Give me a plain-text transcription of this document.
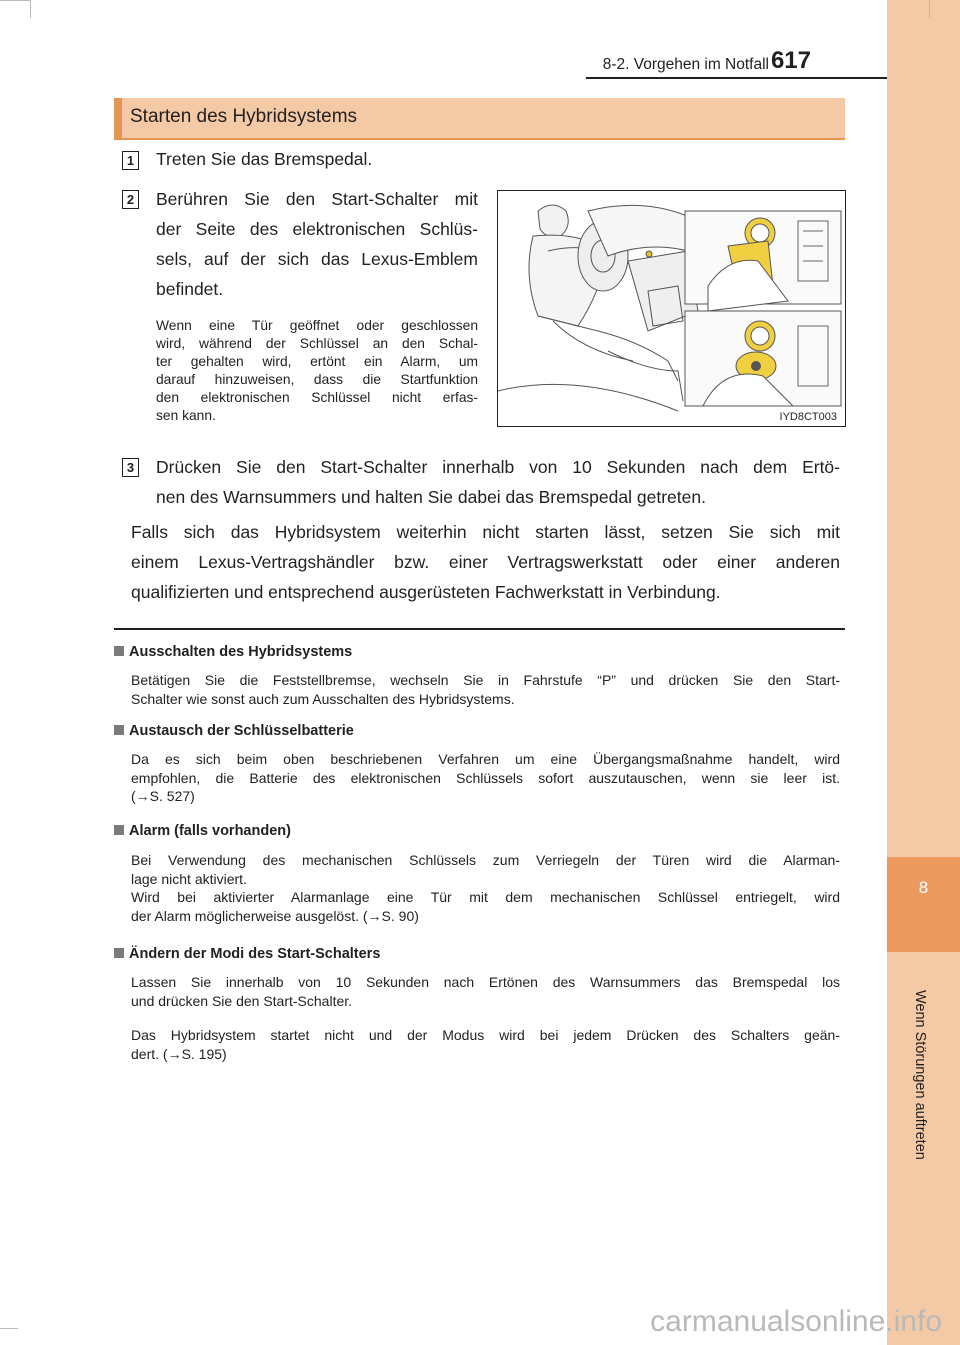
8
Wenn Störungen auftreten
8-2. Vorgehen im Notfall 617
Starten des Hybridsystems
1 Treten Sie das Bremspedal.
2 Berühren Sie den Start-Schalter mit
der Seite des elektronischen Schlüs-
sels, auf der sich das Lexus-Emblem
befindet.
Wenn eine Tür geöffnet oder geschlossen
wird, während der Schlüssel an den Schal-
ter gehalten wird, ertönt ein Alarm, um
darauf hinzuweisen, dass die Startfunktion
den elektronischen Schlüssel nicht erfas-
sen kann.	IYD8CT003
3 Drücken Sie den Start-Schalter innerhalb von 10 Sekunden nach dem Ertö-
nen des Warnsummers und halten Sie dabei das Bremspedal getreten.
Falls sich das Hybridsystem weiterhin nicht starten lässt, setzen Sie sich mit
einem Lexus-Vertragshändler bzw. einer Vertragswerkstatt oder einer anderen
qualifizierten und entsprechend ausgerüsteten Fachwerkstatt in Verbindung.
Ausschalten des Hybridsystems
Betätigen Sie die Feststellbremse, wechseln Sie in Fahrstufe “P” und drücken Sie den Start-
Schalter wie sonst auch zum Ausschalten des Hybridsystems.
Austausch der Schlüsselbatterie
Da es sich beim oben beschriebenen Verfahren um eine Übergangsmaßnahme handelt, wird
empfohlen, die Batterie des elektronischen Schlüssels sofort auszutauschen, wenn sie leer ist.
(→S. 527)
Alarm (falls vorhanden)
Bei Verwendung des mechanischen Schlüssels zum Verriegeln der Türen wird die Alarman-
lage nicht aktiviert.
Wird bei aktivierter Alarmanlage eine Tür mit dem mechanischen Schlüssel entriegelt, wird
der Alarm möglicherweise ausgelöst. (→S. 90)
Ändern der Modi des Start-Schalters
Lassen Sie innerhalb von 10 Sekunden nach Ertönen des Warnsummers das Bremspedal los
und drücken Sie den Start-Schalter.
Das Hybridsystem startet nicht und der Modus wird bei jedem Drücken des Schalters geän-
dert. (→S. 195)
carmanualsonline.info
